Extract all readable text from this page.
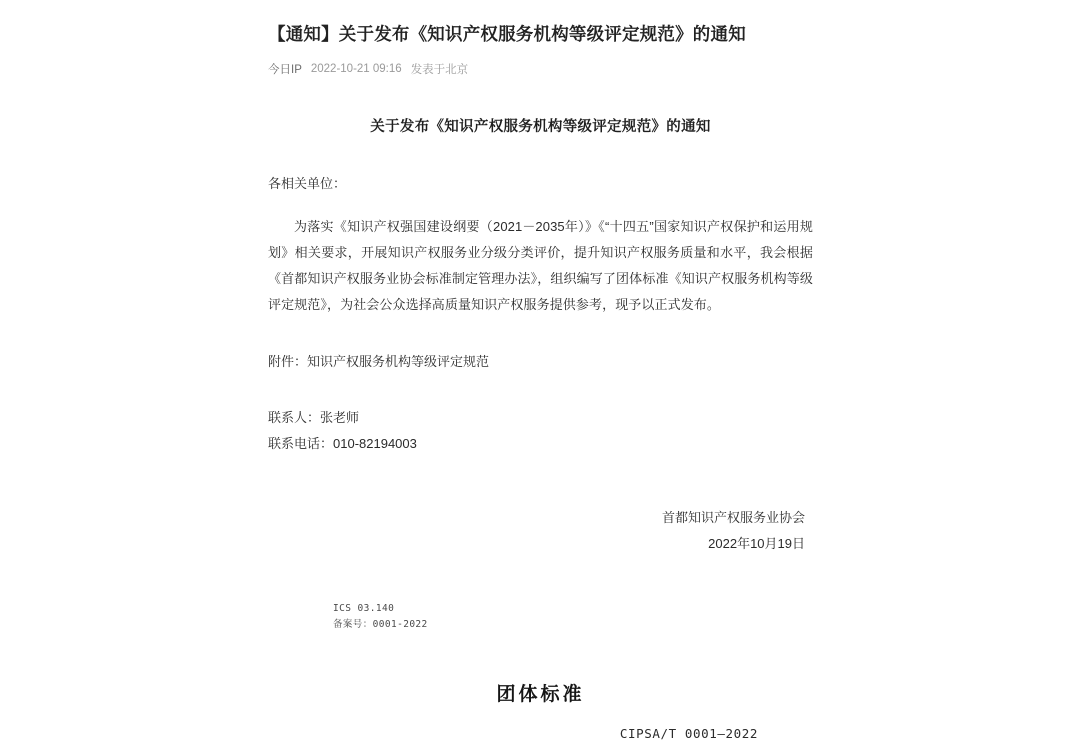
【通知】关于发布《知识产权服务机构等级评定规范》的通知
今日IP 2022-10-21 09:16 发表于北京
关于发布《知识产权服务机构等级评定规范》的通知
各相关单位：
为落实《知识产权强国建设纲要（2021－2035年）》《“十四五”国家知识产权保护和运用规划》相关要求，开展知识产权服务业分级分类评价，提升知识产权服务质量和水平，我会根据《首都知识产权服务业协会标准制定管理办法》，组织编写了团体标准《知识产权服务机构等级评定规范》，为社会公众选择高质量知识产权服务提供参考，现予以正式发布。
附件：知识产权服务机构等级评定规范
联系人：张老师
联系电话：010-82194003
首都知识产权服务业协会
2022年10月19日
ICS 03.140
备案号：0001-2022
团体标准
CIPSA/T 0001—2022
